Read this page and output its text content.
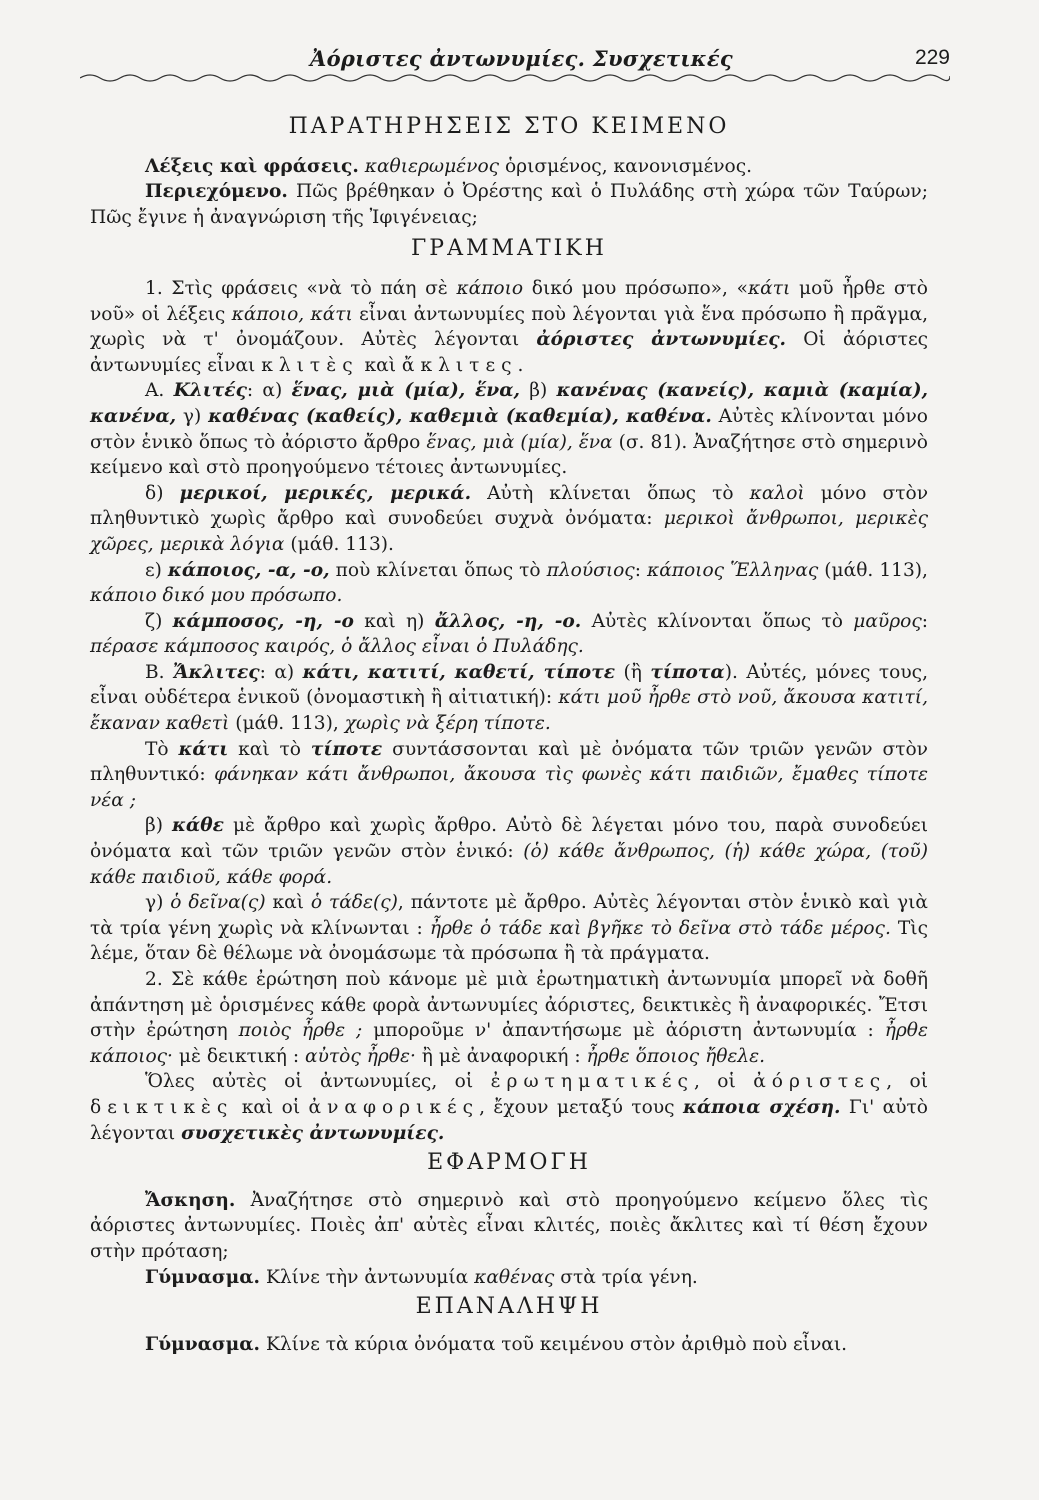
Ἀόριστες ἀντωνυμίες. Συσχετικές	229

ΠΑΡΑΤΗΡΗΣΕΙΣ ΣΤΟ ΚΕΙΜΕΝΟ

Λέξεις καὶ φράσεις. καθιερωμένος ὁρισμένος, κανονισμένος.

Περιεχόμενο. Πῶς βρέθηκαν ὁ Ὀρέστης καὶ ὁ Πυλάδης στὴ χώρα τῶν Ταύρων; Πῶς ἔγινε ἡ ἀναγνώριση τῆς Ἰφιγένειας;

ΓΡΑΜΜΑΤΙΚΗ

1. Στὶς φράσεις «νὰ τὸ πάη σὲ κάποιο δικό μου πρόσωπο», «κάτι μοῦ ἦρθε στὸ νοῦ» οἱ λέξεις κάποιο, κάτι εἶναι ἀντωνυμίες ποὺ λέγονται γιὰ ἕνα πρόσωπο ἢ πρᾶγμα, χωρὶς νὰ τ' ὀνομάζουν. Αὐτὲς λέγονται ἀόριστες ἀντωνυμίες. Οἱ ἀόριστες ἀντωνυμίες εἶναι κλιτὲς καὶ ἄκλιτες.

Α. Κλιτές: α) ἕνας, μιὰ (μία), ἕνα, β) κανένας (κανείς), καμιὰ (καμία), κανένα, γ) καθένας (καθείς), καθεμιὰ (καθεμία), καθένα. Αὐτὲς κλίνονται μόνο στὸν ἑνικὸ ὅπως τὸ ἀόριστο ἄρθρο ἕνας, μιὰ (μία), ἕνα (σ. 81). Ἀναζήτησε στὸ σημερινὸ κείμενο καὶ στὸ προηγούμενο τέτοιες ἀντωνυμίες.

δ) μερικοί, μερικές, μερικά. Αὐτὴ κλίνεται ὅπως τὸ καλοὶ μόνο στὸν πληθυντικὸ χωρὶς ἄρθρο καὶ συνοδεύει συχνὰ ὀνόματα: μερικοὶ ἄνθρωποι, μερικὲς χῶρες, μερικὰ λόγια (μάθ. 113).

ε) κάποιος, -α, -ο, ποὺ κλίνεται ὅπως τὸ πλούσιος: κάποιος Ἕλληνας (μάθ. 113), κάποιο δικό μου πρόσωπο.

ζ) κάμποσος, -η, -ο καὶ η) ἄλλος, -η, -ο. Αὐτὲς κλίνονται ὅπως τὸ μαῦρος: πέρασε κάμποσος καιρός, ὁ ἄλλος εἶναι ὁ Πυλάδης.

Β. Ἄκλιτες: α) κάτι, κατιτί, καθετί, τίποτε (ἢ τίποτα). Αὐτές, μόνες τους, εἶναι οὐδέτερα ἑνικοῦ (ὀνομαστικὴ ἢ αἰτιατική): κάτι μοῦ ἦρθε στὸ νοῦ, ἄκουσα κατιτί, ἔκαναν καθετὶ (μάθ. 113), χωρὶς νὰ ξέρη τίποτε.

Τὸ κάτι καὶ τὸ τίποτε συντάσσονται καὶ μὲ ὀνόματα τῶν τριῶν γενῶν στὸν πληθυντικό: φάνηκαν κάτι ἄνθρωποι, ἄκουσα τὶς φωνὲς κάτι παιδιῶν, ἔμαθες τίποτε νέα ;

β) κάθε μὲ ἄρθρο καὶ χωρὶς ἄρθρο. Αὐτὸ δὲ λέγεται μόνο του, παρὰ συνοδεύει ὀνόματα καὶ τῶν τριῶν γενῶν στὸν ἑνικό: (ὁ) κάθε ἄνθρωπος, (ἡ) κάθε χώρα, (τοῦ) κάθε παιδιοῦ, κάθε φορά.

γ) ὁ δεῖνα(ς) καὶ ὁ τάδε(ς), πάντοτε μὲ ἄρθρο. Αὐτὲς λέγονται στὸν ἑνικὸ καὶ γιὰ τὰ τρία γένη χωρὶς νὰ κλίνωνται : ἦρθε ὁ τάδε καὶ βγῆκε τὸ δεῖνα στὸ τάδε μέρος. Τὶς λέμε, ὅταν δὲ θέλωμε νὰ ὀνομάσωμε τὰ πρόσωπα ἢ τὰ πράγματα.

2. Σὲ κάθε ἐρώτηση ποὺ κάνομε μὲ μιὰ ἐρωτηματικὴ ἀντωνυμία μπορεῖ νὰ δοθῆ ἀπάντηση μὲ ὁρισμένες κάθε φορὰ ἀντωνυμίες ἀόριστες, δεικτικὲς ἢ ἀναφορικές. Ἔτσι στὴν ἐρώτηση ποιὸς ἦρθε ; μποροῦμε ν' ἀπαντήσωμε μὲ ἀόριστη ἀντωνυμία : ἦρθε κάποιος· μὲ δεικτική : αὐτὸς ἦρθε· ἢ μὲ ἀναφορική : ἦρθε ὅποιος ἤθελε.

Ὅλες αὐτὲς οἱ ἀντωνυμίες, οἱ ἐρωτηματικές, οἱ ἀόριστες, οἱ δεικτικὲς καὶ οἱ ἀναφορικές, ἔχουν μεταξύ τους κάποια σχέση. Γι' αὐτὸ λέγονται συσχετικὲς ἀντωνυμίες.

ΕΦΑΡΜΟΓΗ

Ἄσκηση. Ἀναζήτησε στὸ σημερινὸ καὶ στὸ προηγούμενο κείμενο ὅλες τὶς ἀόριστες ἀντωνυμίες. Ποιὲς ἀπ' αὐτὲς εἶναι κλιτές, ποιὲς ἄκλιτες καὶ τί θέση ἔχουν στὴν πρόταση;

Γύμνασμα. Κλίνε τὴν ἀντωνυμία καθένας στὰ τρία γένη.

ΕΠΑΝΑΛΗΨΗ

Γύμνασμα. Κλίνε τὰ κύρια ὀνόματα τοῦ κειμένου στὸν ἀριθμὸ ποὺ εἶναι.
